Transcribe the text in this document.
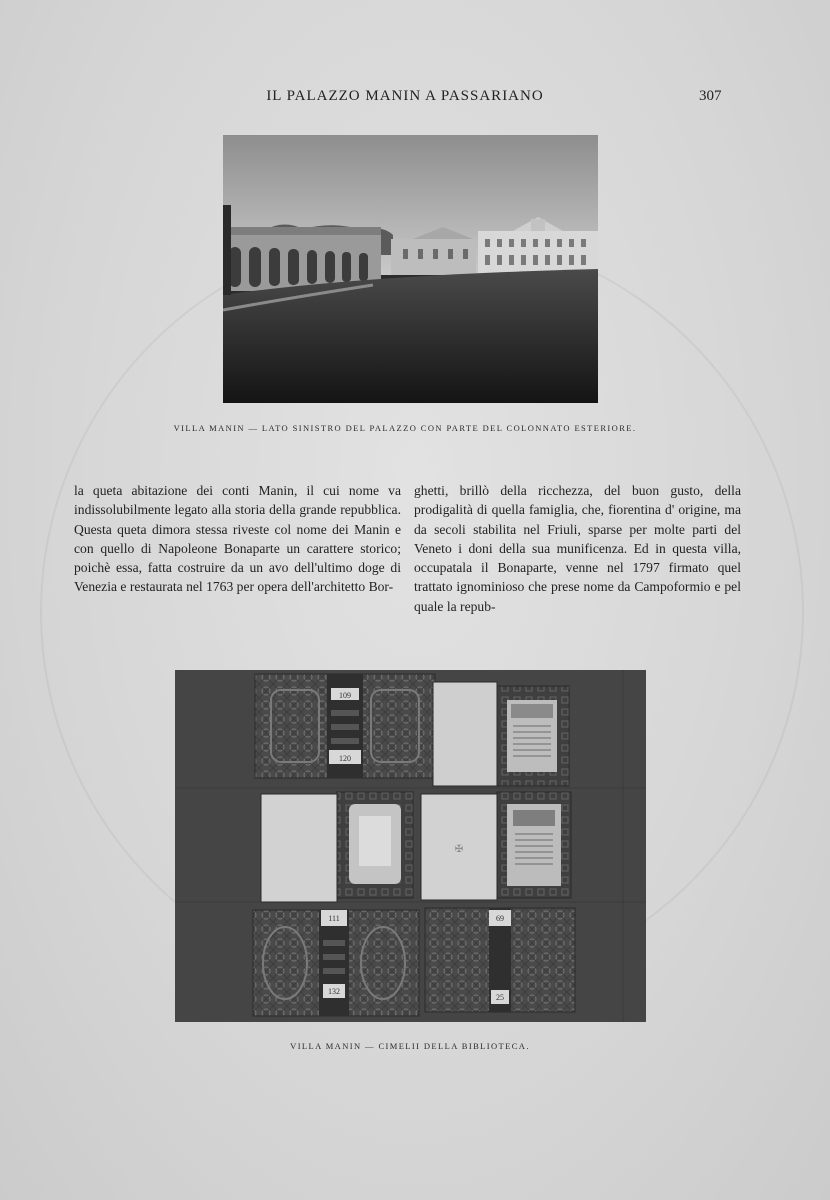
IL PALAZZO MANIN A PASSARIANO	307
VILLA MANIN — LATO SINISTRO DEL PALAZZO CON PARTE DEL COLONNATO ESTERIORE.
la queta abitazione dei conti Manin, il cui nome va indissolubilmente legato alla storia della grande repubblica. Questa queta dimora stessa riveste col nome dei Manin e con quello di Napoleone Bonaparte un carattere storico; poichè essa, fatta costruire da un avo dell'ultimo doge di Venezia e restaurata nel 1763 per opera dell'architetto Bor-
ghetti, brillò della ricchezza, del buon gusto, della prodigalità di quella famiglia, che, fiorentina d' origine, ma da secoli stabilita nel Friuli, sparse per molte parti del Veneto i doni della sua munificenza. Ed in questa villa, occupatala il Bonaparte, venne nel 1797 firmato quel trattato ignominioso che prese nome da Campoformio e pel quale la repub-
109
120
✠
111
132
69
25
VILLA MANIN — CIMELII DELLA BIBLIOTECA.
